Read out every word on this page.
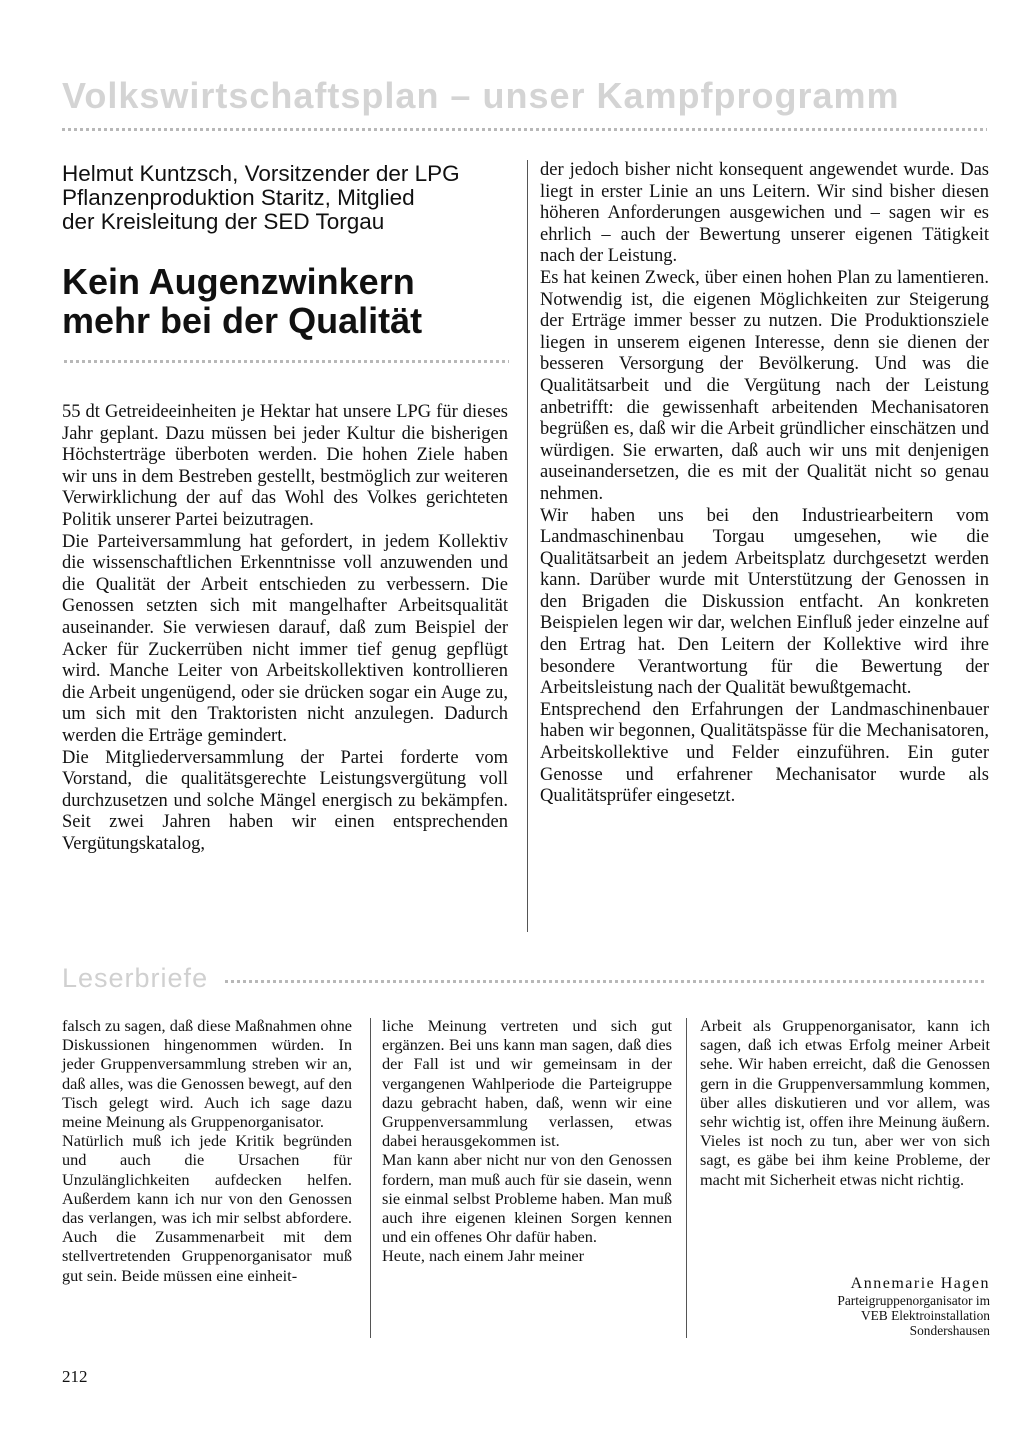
Volkswirtschaftsplan – unser Kampfprogramm
Helmut Kuntzsch, Vorsitzender der LPG
Pflanzenproduktion Staritz, Mitglied
der Kreisleitung der SED Torgau
Kein Augenzwinkern
mehr bei der Qualität

55 dt Getreideeinheiten je Hektar hat unsere LPG für dieses Jahr geplant. Dazu müssen bei jeder Kultur die bisherigen Höchsterträge überboten werden. Die hohen Ziele haben wir uns in dem Bestreben gestellt, bestmöglich zur weiteren Verwirklichung der auf das Wohl des Volkes gerichteten Politik unserer Partei beizutragen.

Die Parteiversammlung hat gefordert, in jedem Kollektiv die wissenschaftlichen Erkenntnisse voll anzuwenden und die Qualität der Arbeit entschieden zu verbessern. Die Genossen setzten sich mit mangelhafter Arbeitsqualität auseinander. Sie verwiesen darauf, daß zum Beispiel der Acker für Zuckerrüben nicht immer tief genug gepflügt wird. Manche Leiter von Arbeitskollektiven kontrollieren die Arbeit ungenügend, oder sie drücken sogar ein Auge zu, um sich mit den Traktoristen nicht anzulegen. Dadurch werden die Erträge gemindert.

Die Mitgliederversammlung der Partei forderte vom Vorstand, die qualitätsgerechte Leistungsvergütung voll durchzusetzen und solche Mängel energisch zu bekämpfen. Seit zwei Jahren haben wir einen entsprechenden Vergütungskatalog,

der jedoch bisher nicht konsequent angewendet wurde. Das liegt in erster Linie an uns Leitern. Wir sind bisher diesen höheren Anforderungen ausgewichen und – sagen wir es ehrlich – auch der Bewertung unserer eigenen Tätigkeit nach der Leistung.

Es hat keinen Zweck, über einen hohen Plan zu lamentieren. Notwendig ist, die eigenen Möglichkeiten zur Steigerung der Erträge immer besser zu nutzen. Die Produktionsziele liegen in unserem eigenen Interesse, denn sie dienen der besseren Versorgung der Bevölkerung. Und was die Qualitätsarbeit und die Vergütung nach der Leistung anbetrifft: die gewissenhaft arbeitenden Mechanisatoren begrüßen es, daß wir die Arbeit gründlicher einschätzen und würdigen. Sie erwarten, daß auch wir uns mit denjenigen auseinandersetzen, die es mit der Qualität nicht so genau nehmen.

Wir haben uns bei den Industriearbeitern vom Landmaschinenbau Torgau umgesehen, wie die Qualitätsarbeit an jedem Arbeitsplatz durchgesetzt werden kann. Darüber wurde mit Unterstützung der Genossen in den Brigaden die Diskussion entfacht. An konkreten Beispielen legen wir dar, welchen Einfluß jeder einzelne auf den Ertrag hat. Den Leitern der Kollektive wird ihre besondere Verantwortung für die Bewertung der Arbeitsleistung nach der Qualität bewußtgemacht.

Entsprechend den Erfahrungen der Landmaschinenbauer haben wir begonnen, Qualitätspässe für die Mechanisatoren, Arbeitskollektive und Felder einzuführen. Ein guter Genosse und erfahrener Mechanisator wurde als Qualitätsprüfer eingesetzt.

Leserbriefe

falsch zu sagen, daß diese Maßnahmen ohne Diskussionen hingenommen würden. In jeder Gruppenversammlung streben wir an, daß alles, was die Genossen bewegt, auf den Tisch gelegt wird. Auch ich sage dazu meine Meinung als Gruppenorganisator.

Natürlich muß ich jede Kritik begründen und auch die Ursachen für Unzulänglichkeiten aufdecken helfen. Außerdem kann ich nur von den Genossen das verlangen, was ich mir selbst abfordere. Auch die Zusammenarbeit mit dem stellvertretenden Gruppenorganisator muß gut sein. Beide müssen eine einheit-

liche Meinung vertreten und sich gut ergänzen. Bei uns kann man sagen, daß dies der Fall ist und wir gemeinsam in der vergangenen Wahlperiode die Parteigruppe dazu gebracht haben, daß, wenn wir eine Gruppenversammlung verlassen, etwas dabei herausgekommen ist.

Man kann aber nicht nur von den Genossen fordern, man muß auch für sie dasein, wenn sie einmal selbst Probleme haben. Man muß auch ihre eigenen kleinen Sorgen kennen und ein offenes Ohr dafür haben.

Heute, nach einem Jahr meiner

Arbeit als Gruppenorganisator, kann ich sagen, daß ich etwas Erfolg meiner Arbeit sehe. Wir haben erreicht, daß die Genossen gern in die Gruppenversammlung kommen, über alles diskutieren und vor allem, was sehr wichtig ist, offen ihre Meinung äußern. Vieles ist noch zu tun, aber wer von sich sagt, es gäbe bei ihm keine Probleme, der macht mit Sicherheit etwas nicht richtig.

Annemarie Hagen
Parteigruppenorganisator im
VEB Elektroinstallation
Sondershausen
212
